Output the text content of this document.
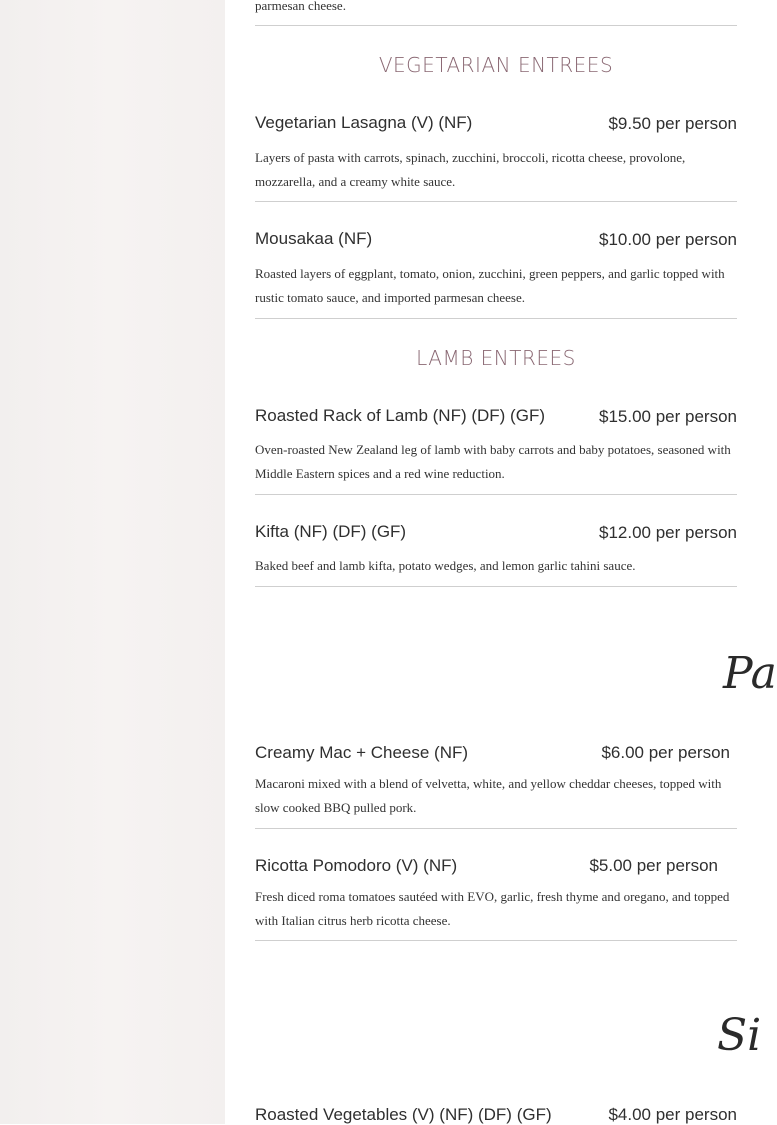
parmesan cheese.
VEGETARIAN ENTREES
Vegetarian Lasagna (V) (NF)	$9.50 per person
Layers of pasta with carrots, spinach, zucchini, broccoli, ricotta cheese, provolone, mozzarella, and a creamy white sauce.
Mousakaa (NF)	$10.00 per person
Roasted layers of eggplant, tomato, onion, zucchini, green peppers, and garlic topped with rustic tomato sauce, and imported parmesan cheese.
LAMB ENTREES
Roasted Rack of Lamb (NF) (DF) (GF)	$15.00 per person
Oven-roasted New Zealand leg of lamb with baby carrots and baby potatoes, seasoned with Middle Eastern spices and a red wine reduction.
Kifta (NF) (DF) (GF)	$12.00 per person
Baked beef and lamb kifta, potato wedges, and lemon garlic tahini sauce.
Pa
Creamy Mac + Cheese (NF)	$6.00 per person
Macaroni mixed with a blend of velvetta, white, and yellow cheddar cheeses, topped with slow cooked BBQ pulled pork.
Ricotta Pomodoro (V) (NF)	$5.00 per person
Fresh diced roma tomatoes sautéed with EVO, garlic, fresh thyme and oregano, and topped with Italian citrus herb ricotta cheese.
Si
Roasted Vegetables (V) (NF) (DF) (GF)	$4.00 per person
